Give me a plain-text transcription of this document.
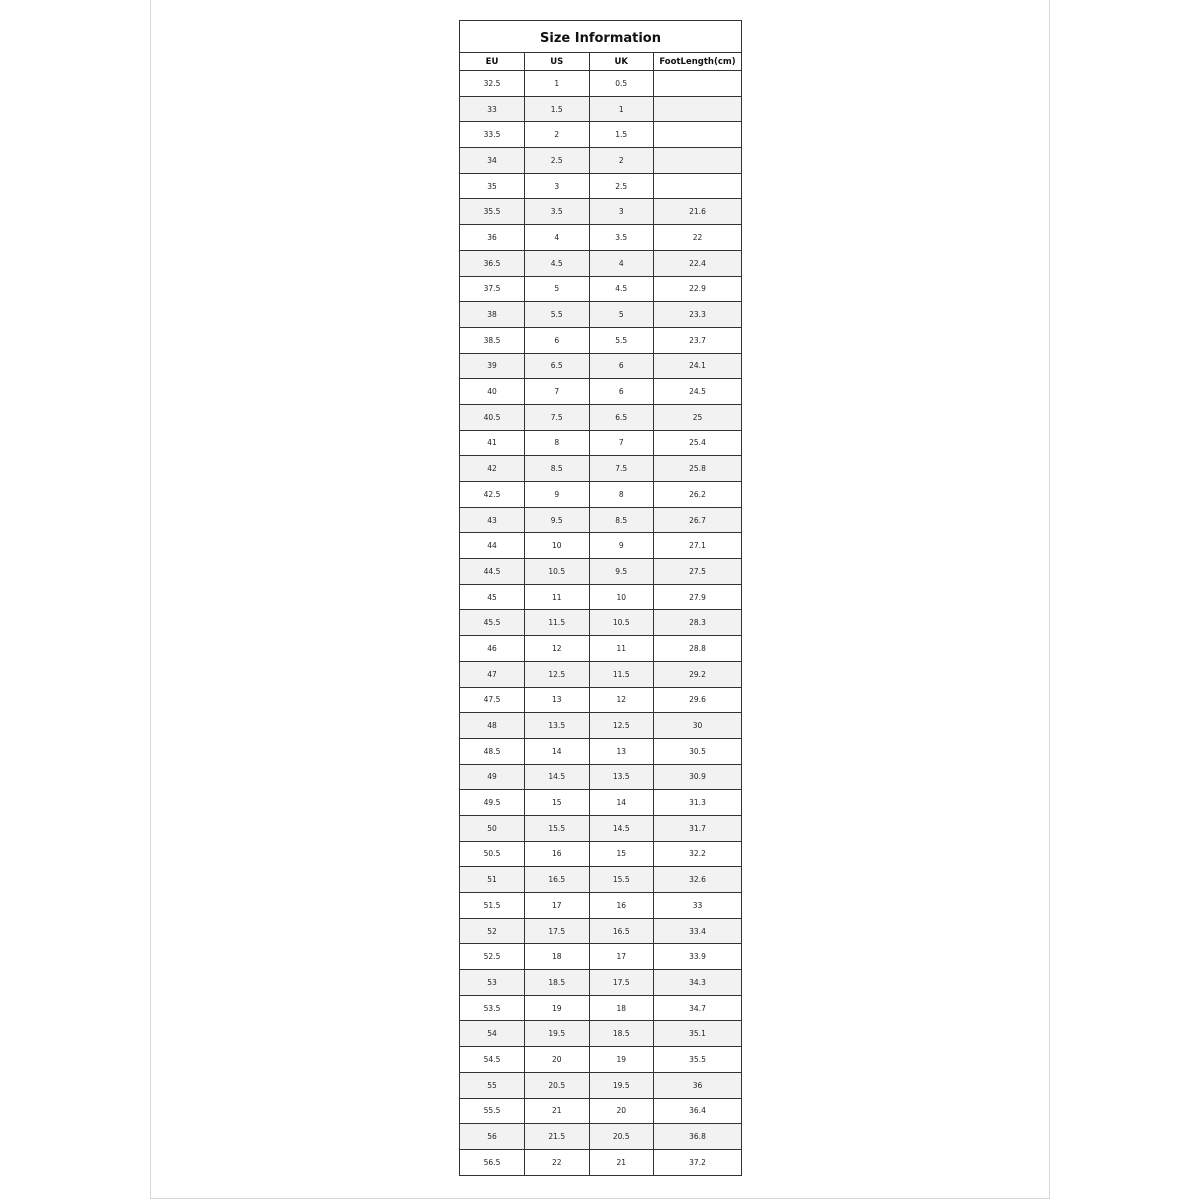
Size Information
EU	US	UK	FootLength(cm)
32.5	1	0.5	
33	1.5	1	
33.5	2	1.5	
34	2.5	2	
35	3	2.5	
35.5	3.5	3	21.6
36	4	3.5	22
36.5	4.5	4	22.4
37.5	5	4.5	22.9
38	5.5	5	23.3
38.5	6	5.5	23.7
39	6.5	6	24.1
40	7	6	24.5
40.5	7.5	6.5	25
41	8	7	25.4
42	8.5	7.5	25.8
42.5	9	8	26.2
43	9.5	8.5	26.7
44	10	9	27.1
44.5	10.5	9.5	27.5
45	11	10	27.9
45.5	11.5	10.5	28.3
46	12	11	28.8
47	12.5	11.5	29.2
47.5	13	12	29.6
48	13.5	12.5	30
48.5	14	13	30.5
49	14.5	13.5	30.9
49.5	15	14	31.3
50	15.5	14.5	31.7
50.5	16	15	32.2
51	16.5	15.5	32.6
51.5	17	16	33
52	17.5	16.5	33.4
52.5	18	17	33.9
53	18.5	17.5	34.3
53.5	19	18	34.7
54	19.5	18.5	35.1
54.5	20	19	35.5
55	20.5	19.5	36
55.5	21	20	36.4
56	21.5	20.5	36.8
56.5	22	21	37.2
